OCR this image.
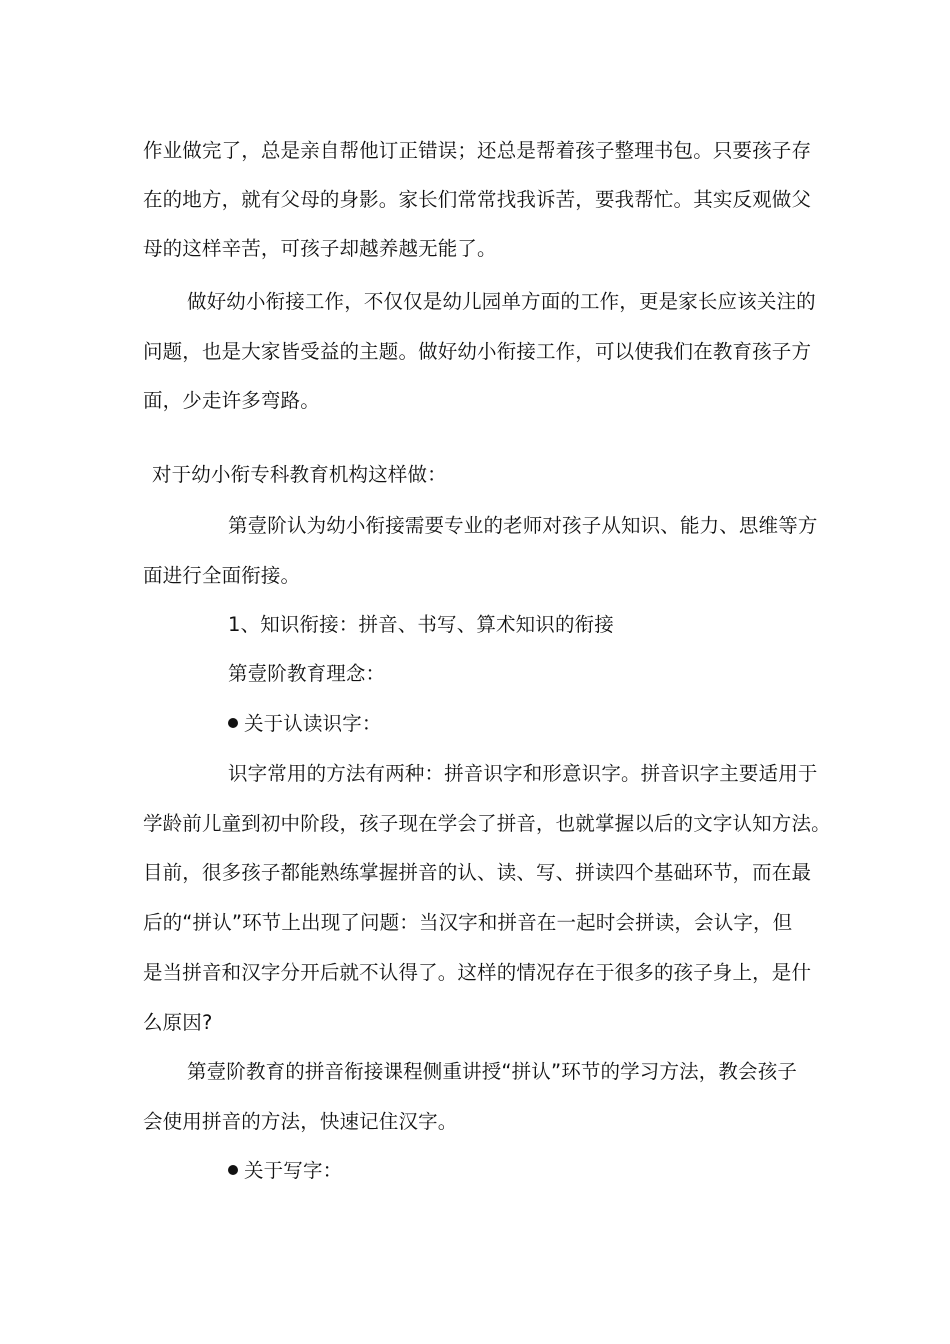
作业做完了，总是亲自帮他订正错误；还总是帮着孩子整理书包。只要孩子存
在的地方，就有父母的身影。家长们常常找我诉苦，要我帮忙。其实反观做父
母的这样辛苦，可孩子却越养越无能了。
做好幼小衔接工作，不仅仅是幼儿园单方面的工作，更是家长应该关注的
问题，也是大家皆受益的主题。做好幼小衔接工作，可以使我们在教育孩子方
面，少走许多弯路。
对于幼小衔专科教育机构这样做：
第壹阶认为幼小衔接需要专业的老师对孩子从知识、能力、思维等方
面进行全面衔接。
1、知识衔接：拼音、书写、算术知识的衔接
第壹阶教育理念：
关于认读识字：
识字常用的方法有两种：拼音识字和形意识字。拼音识字主要适用于
学龄前儿童到初中阶段，孩子现在学会了拼音，也就掌握以后的文字认知方法。
目前，很多孩子都能熟练掌握拼音的认、读、写、拼读四个基础环节，而在最
后的“拼认”环节上出现了问题：当汉字和拼音在一起时会拼读，会认字，但
是当拼音和汉字分开后就不认得了。这样的情况存在于很多的孩子身上，是什
么原因?
第壹阶教育的拼音衔接课程侧重讲授“拼认”环节的学习方法，教会孩子
会使用拼音的方法，快速记住汉字。
关于写字：
